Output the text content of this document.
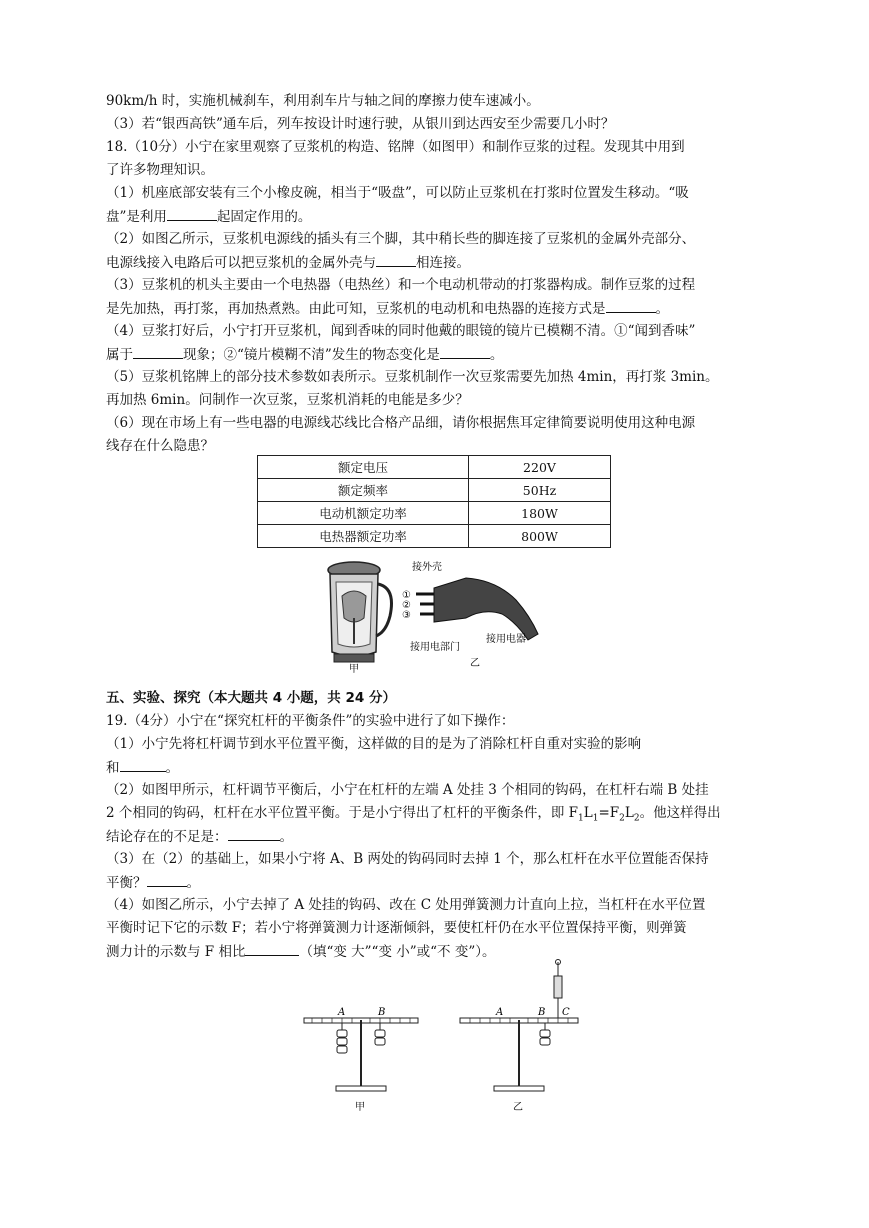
90km/h 时，实施机械刹车，利用刹车片与轴之间的摩擦力使车速减小。
（3）若“银西高铁”通车后，列车按设计时速行驶，从银川到达西安至少需要几小时？
18.（10分）小宁在家里观察了豆浆机的构造、铭牌（如图甲）和制作豆浆的过程。发现其中用到
了许多物理知识。
（1）机座底部安装有三个小橡皮碗，相当于“吸盘”，可以防止豆浆机在打浆时位置发生移动。“吸
盘”是利用	起固定作用的。
（2）如图乙所示，豆浆机电源线的插头有三个脚，其中稍长些的脚连接了豆浆机的金属外壳部分、
电源线接入电路后可以把豆浆机的金属外壳与	相连接。
（3）豆浆机的机头主要由一个电热器（电热丝）和一个电动机带动的打浆器构成。制作豆浆的过程
是先加热，再打浆，再加热煮熟。由此可知，豆浆机的电动机和电热器的连接方式是	。
（4）豆浆打好后，小宁打开豆浆机，闻到香味的同时他戴的眼镜的镜片已模糊不清。①“闻到香味”
属于	现象；②“镜片模糊不清”发生的物态变化是	。
（5）豆浆机铭牌上的部分技术参数如表所示。豆浆机制作一次豆浆需要先加热 4min，再打浆 3min。
再加热 6min。问制作一次豆浆，豆浆机消耗的电能是多少？
（6）现在市场上有一些电器的电源线芯线比合格产品细，请你根据焦耳定律简要说明使用这种电源
线存在什么隐患？
额定电压	220V
额定频率	50Hz
电动机额定功率	180W
电热器额定功率	800W
甲
接外壳
①
②
③
接用电部门
接用电器
乙
五、实验、探究（本大题共 4 小题，共 24 分）
19.（4分）小宁在“探究杠杆的平衡条件”的实验中进行了如下操作：
（1）小宁先将杠杆调节到水平位置平衡，这样做的目的是为了消除杠杆自重对实验的影响
和	。
（2）如图甲所示，杠杆调节平衡后，小宁在杠杆的左端 A 处挂 3 个相同的钩码，在杠杆右端 B 处挂
2 个相同的钩码，杠杆在水平位置平衡。于是小宁得出了杠杆的平衡条件，即 $F_1L_1=F_2L_2$。他这样得出
结论存在的不足是：	。
（3）在（2）的基础上，如果小宁将 A、B 两处的钩码同时去掉 1 个，那么杠杆在水平位置能否保持
平衡？	。
（4）如图乙所示，小宁去掉了 A 处挂的钩码、改在 C 处用弹簧测力计直向上拉，当杠杆在水平位置
平衡时记下它的示数 F；若小宁将弹簧测力计逐渐倾斜，要使杠杆仍在水平位置保持平衡，则弹簧
测力计的示数与 F 相比	（填“变 大”“变 小”或“不 变”）。
A	B
甲
A	B C
乙
